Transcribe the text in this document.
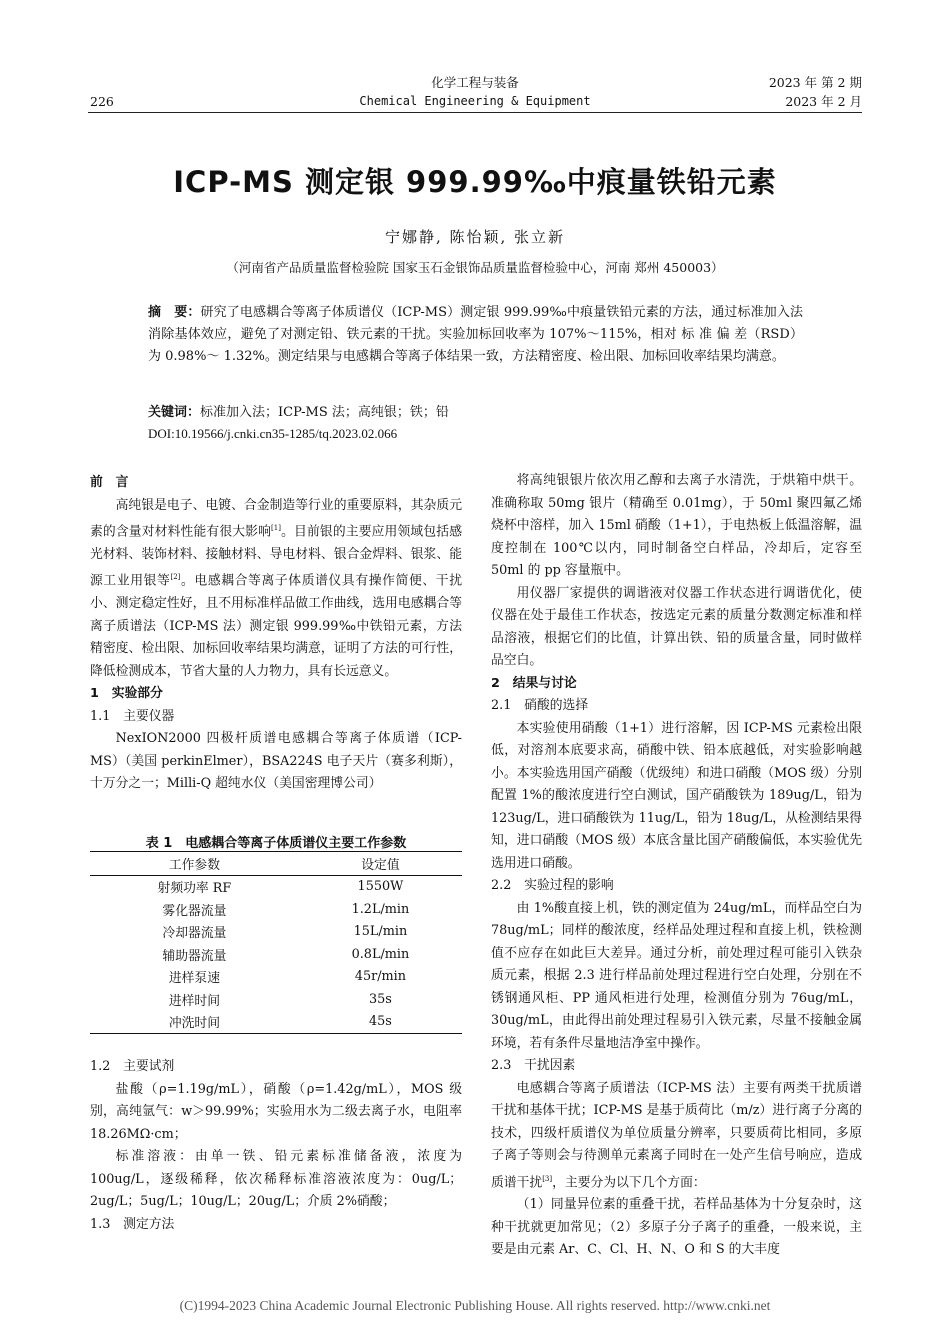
化学工程与装备	2023 年 第 2 期
226	Chemical Engineering & Equipment	2023 年 2 月
ICP-MS 测定银 999.99‰中痕量铁铅元素
宁娜静, 陈怡颖, 张立新
（河南省产品质量监督检验院 国家玉石金银饰品质量监督检验中心，河南 郑州 450003）
摘　要：研究了电感耦合等离子体质谱仪（ICP-MS）测定银 999.99‰中痕量铁铅元素的方法，通过标准加入法消除基体效应，避免了对测定铅、铁元素的干扰。实验加标回收率为 107%～115%，相对 标 准 偏 差（RSD）为 0.98%～ 1.32%。测定结果与电感耦合等离子体结果一致，方法精密度、检出限、加标回收率结果均满意。
关键词：标准加入法；ICP-MS 法；高纯银；铁；铅
DOI:10.19566/j.cnki.cn35-1285/tq.2023.02.066

前　言

高纯银是电子、电镀、合金制造等行业的重要原料，其杂质元素的含量对材料性能有很大影响[1]。目前银的主要应用领域包括感光材料、装饰材料、接触材料、导电材料、银合金焊料、银浆、能源工业用银等[2]。电感耦合等离子体质谱仪具有操作简便、干扰小、测定稳定性好，且不用标准样品做工作曲线，选用电感耦合等离子质谱法（ICP-MS 法）测定银 999.99‰中铁铅元素，方法精密度、检出限、加标回收率结果均满意，证明了方法的可行性，降低检测成本，节省大量的人力物力，具有长远意义。

1　实验部分

1.1　主要仪器

NexION2000 四极杆质谱电感耦合等离子体质谱（ICP-MS）（美国 perkinElmer），BSA224S 电子天片（赛多利斯），十万分之一；Milli-Q 超纯水仪（美国密理博公司）

表 1　电感耦合等离子体质谱仪主要工作参数
工作参数	设定值
射频功率 RF	1550W
雾化器流量	1.2L/min
冷却器流量	15L/min
辅助器流量	0.8L/min
进样泵速	45r/min
进样时间	35s
冲洗时间	45s

1.2　主要试剂

盐酸（ρ=1.19g/mL），硝酸（ρ=1.42g/mL），MOS 级别，高纯氩气：w＞99.99%；实验用水为二级去离子水，电阻率 18.26MΩ·cm；

标准溶液：由单一铁、铅元素标准储备液，浓度为 100ug/L，逐级稀释，依次稀释标准溶液浓度为：0ug/L；2ug/L；5ug/L；10ug/L；20ug/L；介质 2%硝酸；

1.3　测定方法

将高纯银银片依次用乙醇和去离子水清洗，于烘箱中烘干。准确称取 50mg 银片（精确至 0.01mg），于 50ml 聚四氟乙烯烧杯中溶样，加入 15ml 硝酸（1+1），于电热板上低温溶解，温度控制在 100℃以内，同时制备空白样品，冷却后，定容至 50ml 的 pp 容量瓶中。

用仪器厂家提供的调谐液对仪器工作状态进行调谐优化，使仪器在处于最佳工作状态，按选定元素的质量分数测定标准和样品溶液，根据它们的比值，计算出铁、铅的质量含量，同时做样品空白。

2　结果与讨论

2.1　硝酸的选择

本实验使用硝酸（1+1）进行溶解，因 ICP-MS 元素检出限低，对溶剂本底要求高，硝酸中铁、铅本底越低，对实验影响越小。本实验选用国产硝酸（优级纯）和进口硝酸（MOS 级）分别配置 1%的酸浓度进行空白测试，国产硝酸铁为 189ug/L，铅为 123ug/L，进口硝酸铁为 11ug/L，铅为 18ug/L，从检测结果得知，进口硝酸（MOS 级）本底含量比国产硝酸偏低，本实验优先选用进口硝酸。

2.2　实验过程的影响

由 1%酸直接上机，铁的测定值为 24ug/mL，而样品空白为 78ug/mL；同样的酸浓度，经样品处理过程和直接上机，铁检测值不应存在如此巨大差异。通过分析，前处理过程可能引入铁杂质元素，根据 2.3 进行样品前处理过程进行空白处理，分别在不锈钢通风柜、PP 通风柜进行处理，检测值分别为 76ug/mL，30ug/mL，由此得出前处理过程易引入铁元素，尽量不接触金属环境，若有条件尽量地洁净室中操作。

2.3　干扰因素

电感耦合等离子质谱法（ICP-MS 法）主要有两类干扰质谱干扰和基体干扰；ICP-MS 是基于质荷比（m/z）进行离子分离的技术，四级杆质谱仪为单位质量分辨率，只要质荷比相同，多原子离子等则会与待测单元素离子同时在一处产生信号响应，造成质谱干扰[3]，主要分为以下几个方面：

（1）同量异位素的重叠干扰，若样品基体为十分复杂时，这种干扰就更加常见；（2）多原子分子离子的重叠，一般来说，主要是由元素 Ar、C、Cl、H、N、O 和 S 的大丰度

(C)1994-2023 China Academic Journal Electronic Publishing House. All rights reserved. http://www.cnki.net
